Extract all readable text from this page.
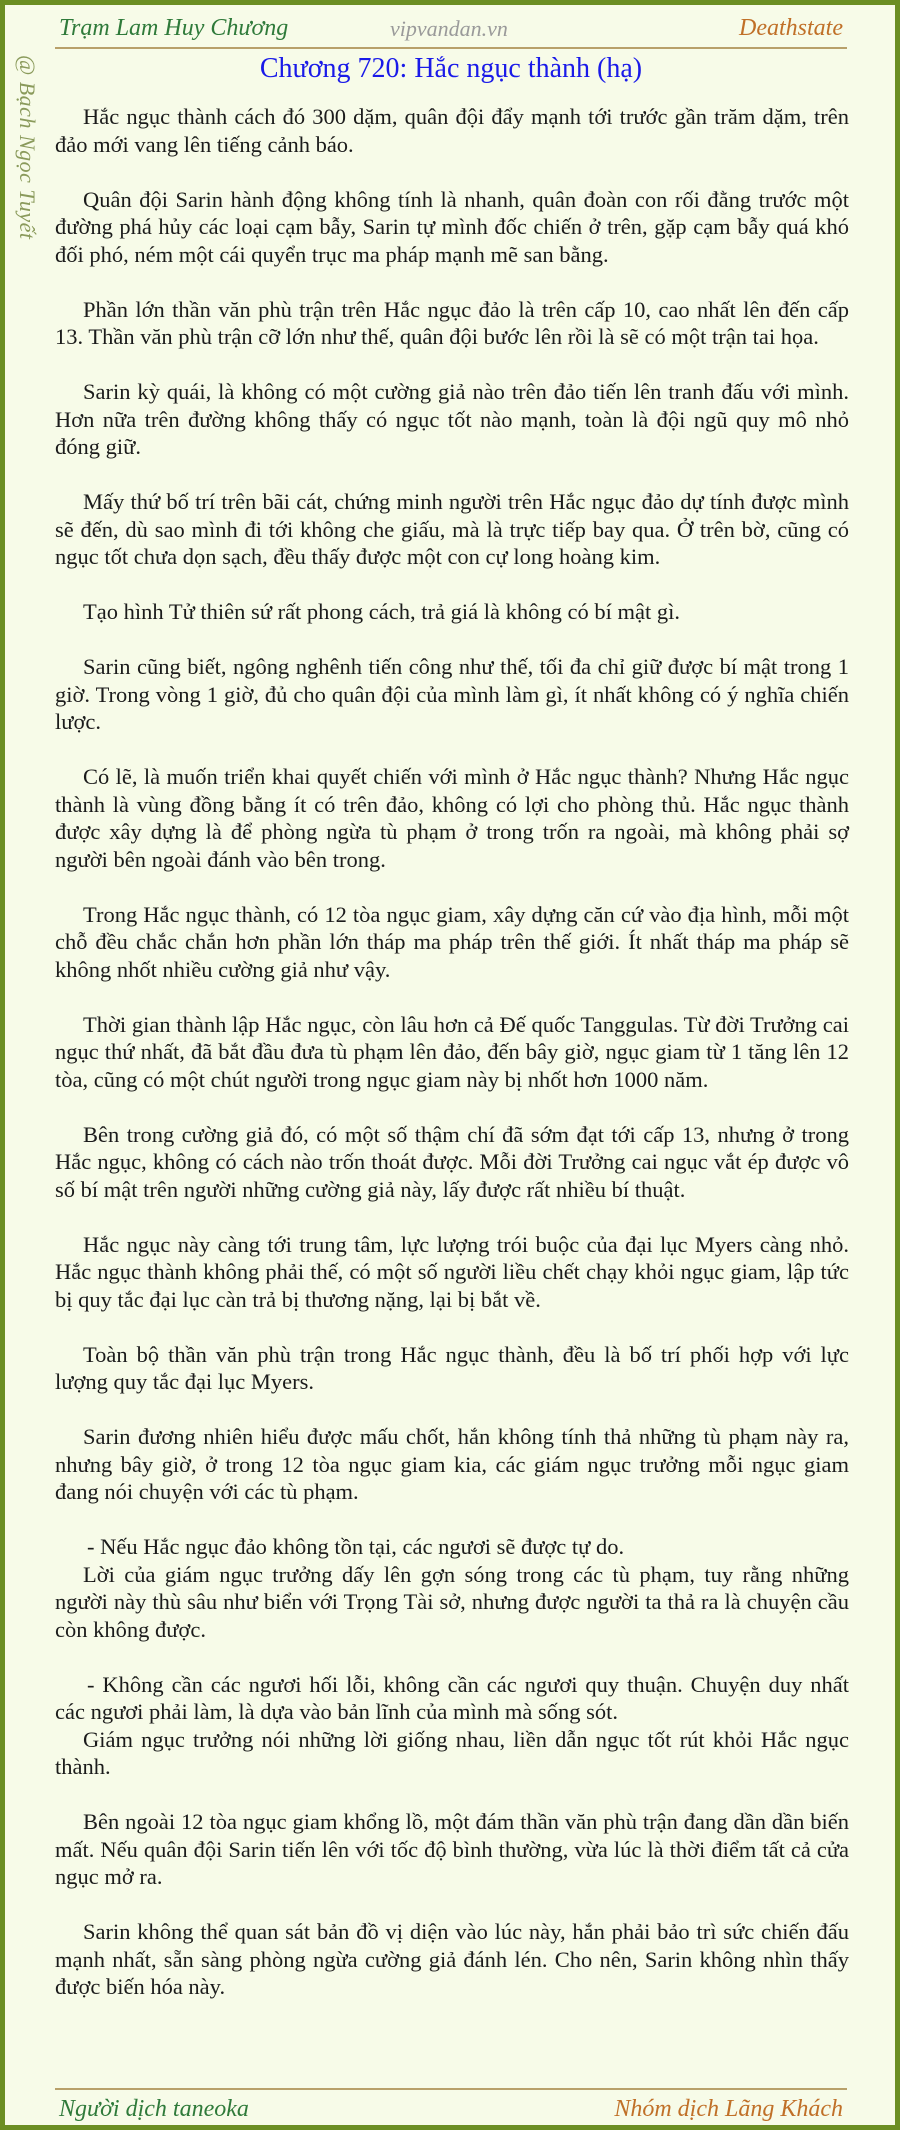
@ Bạch Ngọc Tuyết
Trạm Lam Huy Chương	vipvandan.vn	Deathstate
Chương 720: Hắc ngục thành (hạ)

Hắc ngục thành cách đó 300 dặm, quân đội đẩy mạnh tới trước gần trăm dặm, trên đảo mới vang lên tiếng cảnh báo.

Quân đội Sarin hành động không tính là nhanh, quân đoàn con rối đằng trước một đường phá hủy các loại cạm bẫy, Sarin tự mình đốc chiến ở trên, gặp cạm bẫy quá khó đối phó, ném một cái quyển trục ma pháp mạnh mẽ san bằng.

Phần lớn thần văn phù trận trên Hắc ngục đảo là trên cấp 10, cao nhất lên đến cấp 13. Thần văn phù trận cỡ lớn như thế, quân đội bước lên rồi là sẽ có một trận tai họa.

Sarin kỳ quái, là không có một cường giả nào trên đảo tiến lên tranh đấu với mình. Hơn nữa trên đường không thấy có ngục tốt nào mạnh, toàn là đội ngũ quy mô nhỏ đóng giữ.

Mấy thứ bố trí trên bãi cát, chứng minh người trên Hắc ngục đảo dự tính được mình sẽ đến, dù sao mình đi tới không che giấu, mà là trực tiếp bay qua. Ở trên bờ, cũng có ngục tốt chưa dọn sạch, đều thấy được một con cự long hoàng kim.

Tạo hình Tử thiên sứ rất phong cách, trả giá là không có bí mật gì.

Sarin cũng biết, ngông nghênh tiến công như thế, tối đa chỉ giữ được bí mật trong 1 giờ. Trong vòng 1 giờ, đủ cho quân đội của mình làm gì, ít nhất không có ý nghĩa chiến lược.

Có lẽ, là muốn triển khai quyết chiến với mình ở Hắc ngục thành? Nhưng Hắc ngục thành là vùng đồng bằng ít có trên đảo, không có lợi cho phòng thủ. Hắc ngục thành được xây dựng là để phòng ngừa tù phạm ở trong trốn ra ngoài, mà không phải sợ người bên ngoài đánh vào bên trong.

Trong Hắc ngục thành, có 12 tòa ngục giam, xây dựng căn cứ vào địa hình, mỗi một chỗ đều chắc chắn hơn phần lớn tháp ma pháp trên thế giới. Ít nhất tháp ma pháp sẽ không nhốt nhiều cường giả như vậy.

Thời gian thành lập Hắc ngục, còn lâu hơn cả Đế quốc Tanggulas. Từ đời Trưởng cai ngục thứ nhất, đã bắt đầu đưa tù phạm lên đảo, đến bây giờ, ngục giam từ 1 tăng lên 12 tòa, cũng có một chút người trong ngục giam này bị nhốt hơn 1000 năm.

Bên trong cường giả đó, có một số thậm chí đã sớm đạt tới cấp 13, nhưng ở trong Hắc ngục, không có cách nào trốn thoát được. Mỗi đời Trưởng cai ngục vắt ép được vô số bí mật trên người những cường giả này, lấy được rất nhiều bí thuật.

Hắc ngục này càng tới trung tâm, lực lượng trói buộc của đại lục Myers càng nhỏ. Hắc ngục thành không phải thế, có một số người liều chết chạy khỏi ngục giam, lập tức bị quy tắc đại lục càn trả bị thương nặng, lại bị bắt về.

Toàn bộ thần văn phù trận trong Hắc ngục thành, đều là bố trí phối hợp với lực lượng quy tắc đại lục Myers.

Sarin đương nhiên hiểu được mấu chốt, hắn không tính thả những tù phạm này ra, nhưng bây giờ, ở trong 12 tòa ngục giam kia, các giám ngục trưởng mỗi ngục giam đang nói chuyện với các tù phạm.

- Nếu Hắc ngục đảo không tồn tại, các ngươi sẽ được tự do.

Lời của giám ngục trưởng dấy lên gợn sóng trong các tù phạm, tuy rằng những người này thù sâu như biển với Trọng Tài sở, nhưng được người ta thả ra là chuyện cầu còn không được.

- Không cần các ngươi hối lỗi, không cần các ngươi quy thuận. Chuyện duy nhất các ngươi phải làm, là dựa vào bản lĩnh của mình mà sống sót.

Giám ngục trưởng nói những lời giống nhau, liền dẫn ngục tốt rút khỏi Hắc ngục thành.

Bên ngoài 12 tòa ngục giam khổng lồ, một đám thần văn phù trận đang dần dần biến mất. Nếu quân đội Sarin tiến lên với tốc độ bình thường, vừa lúc là thời điểm tất cả cửa ngục mở ra.

Sarin không thể quan sát bản đồ vị diện vào lúc này, hắn phải bảo trì sức chiến đấu mạnh nhất, sẵn sàng phòng ngừa cường giả đánh lén. Cho nên, Sarin không nhìn thấy được biến hóa này.

Người dịch taneoka	Nhóm dịch Lãng Khách
